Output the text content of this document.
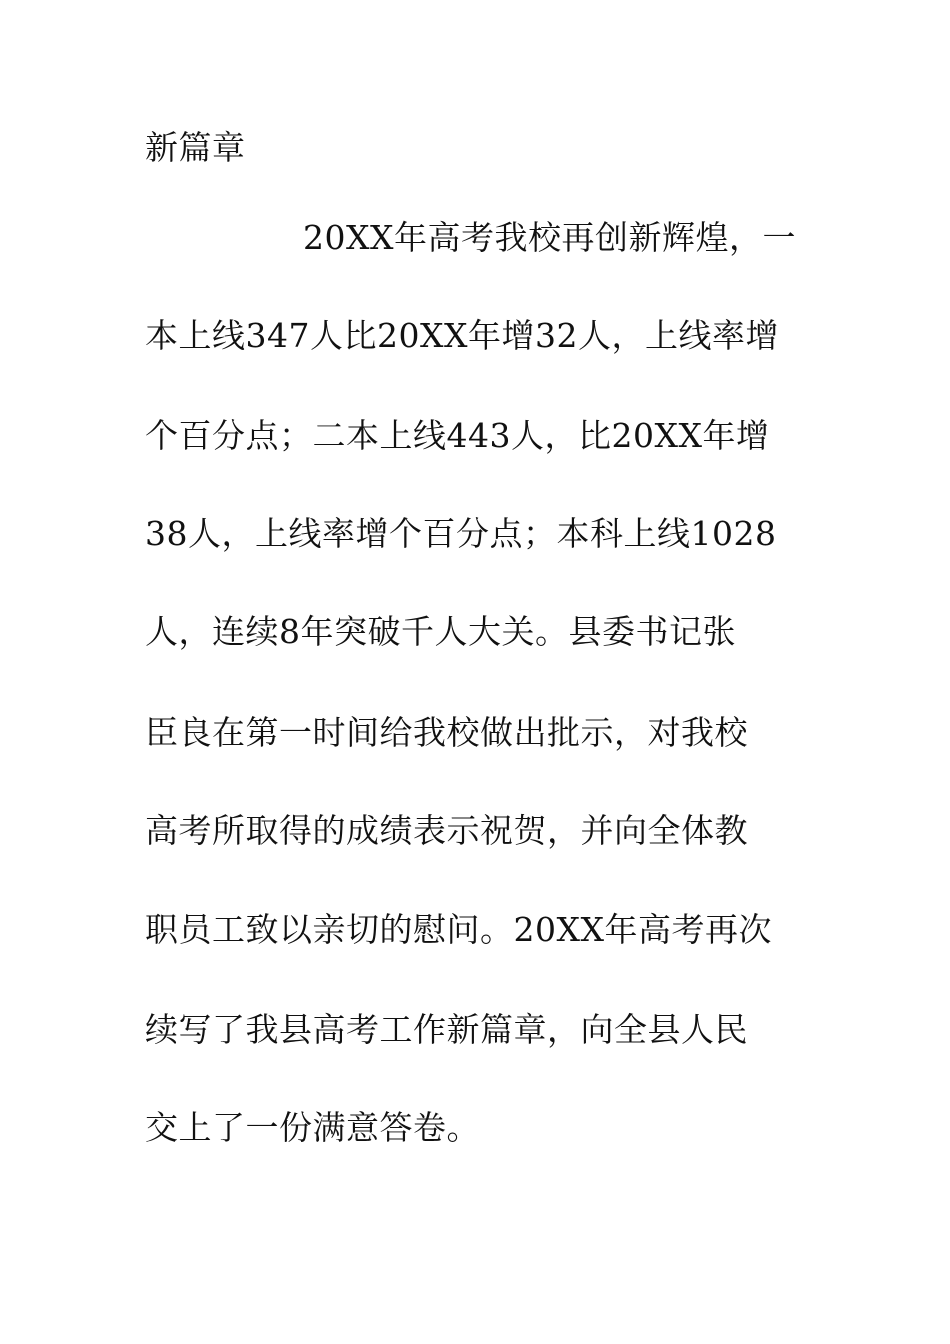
新篇章
20XX年高考我校再创新辉煌，一
本上线347人比20XX年增32人，上线率增
个百分点；二本上线443人，比20XX年增
38人，上线率增个百分点；本科上线1028
人，连续8年突破千人大关。县委书记张
臣良在第一时间给我校做出批示，对我校
高考所取得的成绩表示祝贺，并向全体教
职员工致以亲切的慰问。20XX年高考再次
续写了我县高考工作新篇章，向全县人民
交上了一份满意答卷。
